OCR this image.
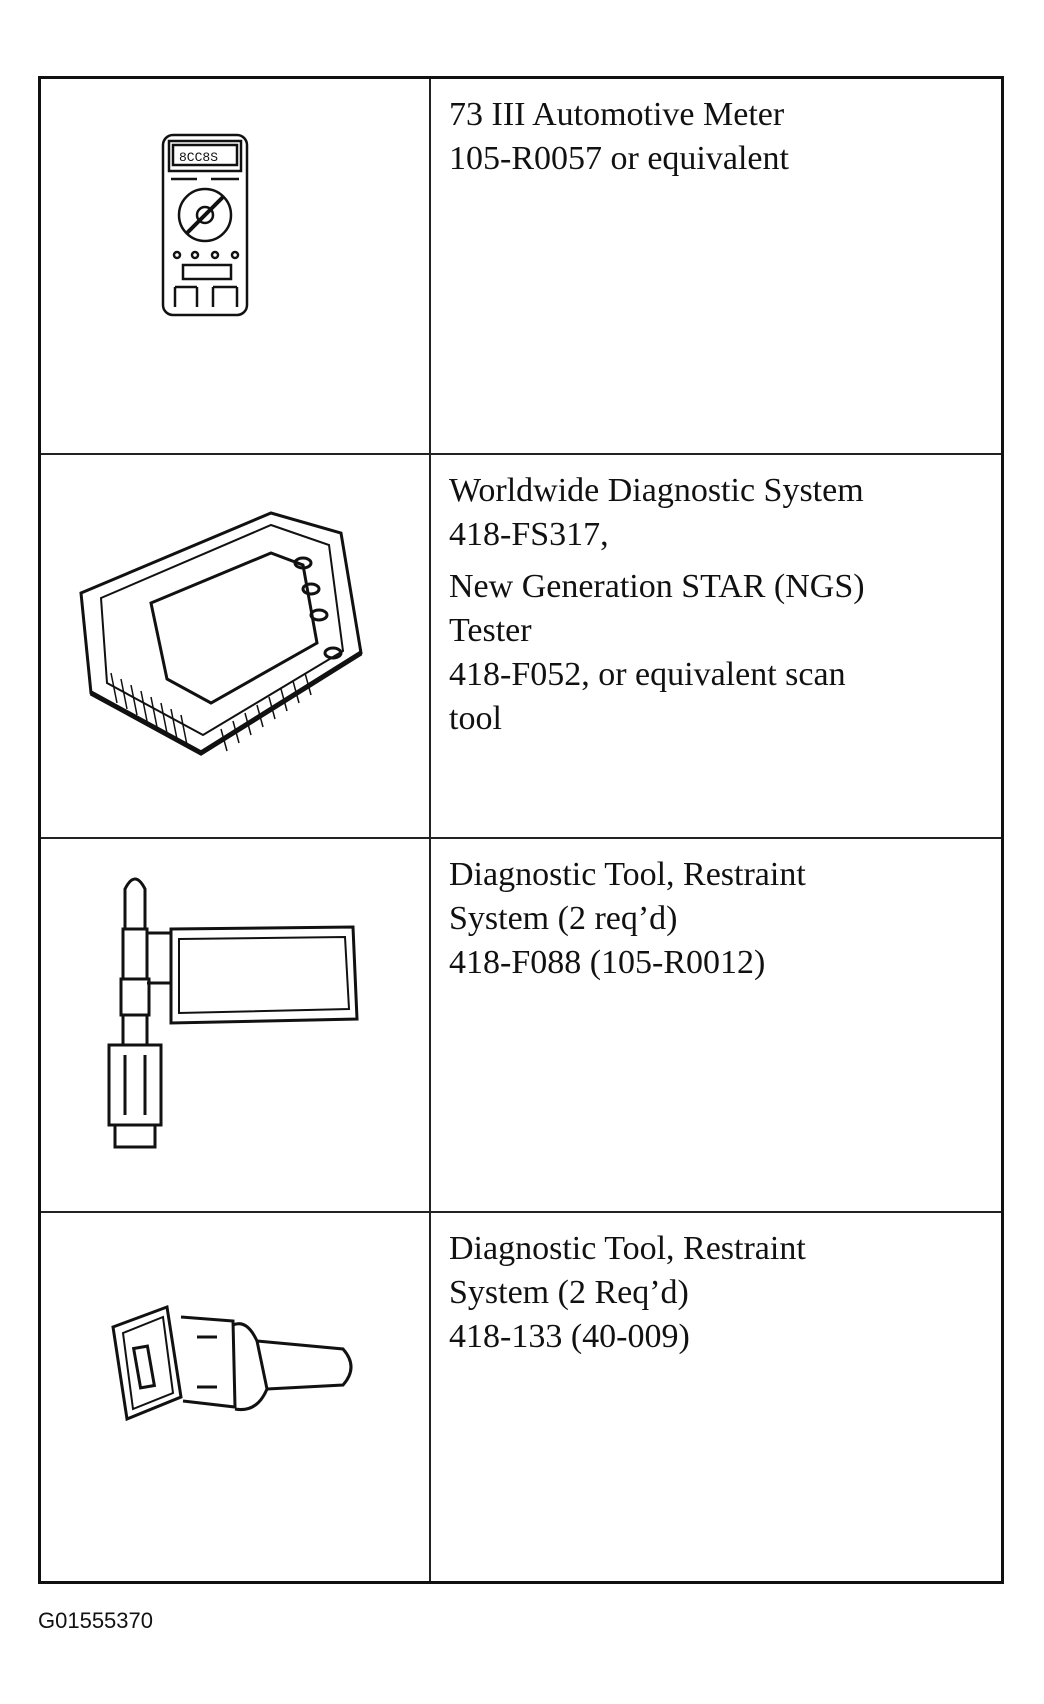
8CC8S
73 III Automotive Meter
105-R0057 or equivalent
Worldwide Diagnostic System
418-FS317,
New Generation STAR (NGS)
Tester
418-F052, or equivalent scan
tool
Diagnostic Tool, Restraint
System (2 req’d)
418-F088 (105-R0012)
Diagnostic Tool, Restraint
System (2 Req’d)
418-133 (40-009)
G01555370
